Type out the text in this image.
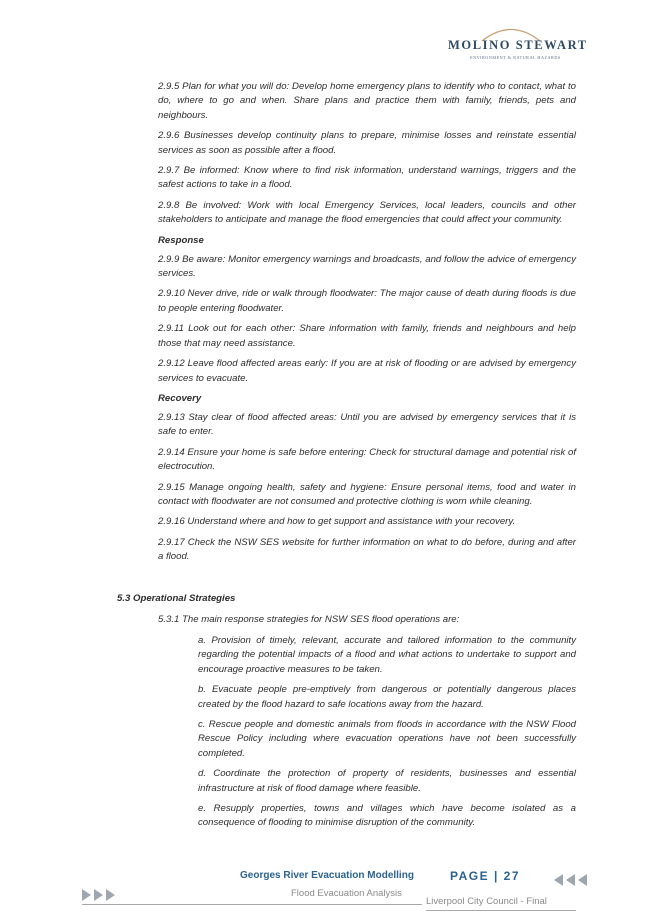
MOLINO STEWART
ENVIRONMENT & NATURAL HAZARDS

2.9.5 Plan for what you will do: Develop home emergency plans to identify who to contact, what to do, where to go and when. Share plans and practice them with family, friends, pets and neighbours.

2.9.6 Businesses develop continuity plans to prepare, minimise losses and reinstate essential services as soon as possible after a flood.

2.9.7 Be informed: Know where to find risk information, understand warnings, triggers and the safest actions to take in a flood.

2.9.8 Be involved: Work with local Emergency Services, local leaders, councils and other stakeholders to anticipate and manage the flood emergencies that could affect your community.

Response

2.9.9 Be aware: Monitor emergency warnings and broadcasts, and follow the advice of emergency services.

2.9.10 Never drive, ride or walk through floodwater: The major cause of death during floods is due to people entering floodwater.

2.9.11 Look out for each other: Share information with family, friends and neighbours and help those that may need assistance.

2.9.12 Leave flood affected areas early: If you are at risk of flooding or are advised by emergency services to evacuate.

Recovery

2.9.13 Stay clear of flood affected areas: Until you are advised by emergency services that it is safe to enter.

2.9.14 Ensure your home is safe before entering: Check for structural damage and potential risk of electrocution.

2.9.15 Manage ongoing health, safety and hygiene: Ensure personal items, food and water in contact with floodwater are not consumed and protective clothing is worn while cleaning.

2.9.16 Understand where and how to get support and assistance with your recovery.

2.9.17 Check the NSW SES website for further information on what to do before, during and after a flood.

5.3 Operational Strategies
5.3.1 The main response strategies for NSW SES flood operations are:

a. Provision of timely, relevant, accurate and tailored information to the community regarding the potential impacts of a flood and what actions to undertake to support and encourage proactive measures to be taken.

b. Evacuate people pre-emptively from dangerous or potentially dangerous places created by the flood hazard to safe locations away from the hazard.

c. Rescue people and domestic animals from floods in accordance with the NSW Flood Rescue Policy including where evacuation operations have not been successfully completed.

d. Coordinate the protection of property of residents, businesses and essential infrastructure at risk of flood damage where feasible.

e. Resupply properties, towns and villages which have become isolated as a consequence of flooding to minimise disruption of the community.

Georges River Evacuation Modelling	PAGE | 27
Flood Evacuation Analysis
Liverpool City Council - Final
